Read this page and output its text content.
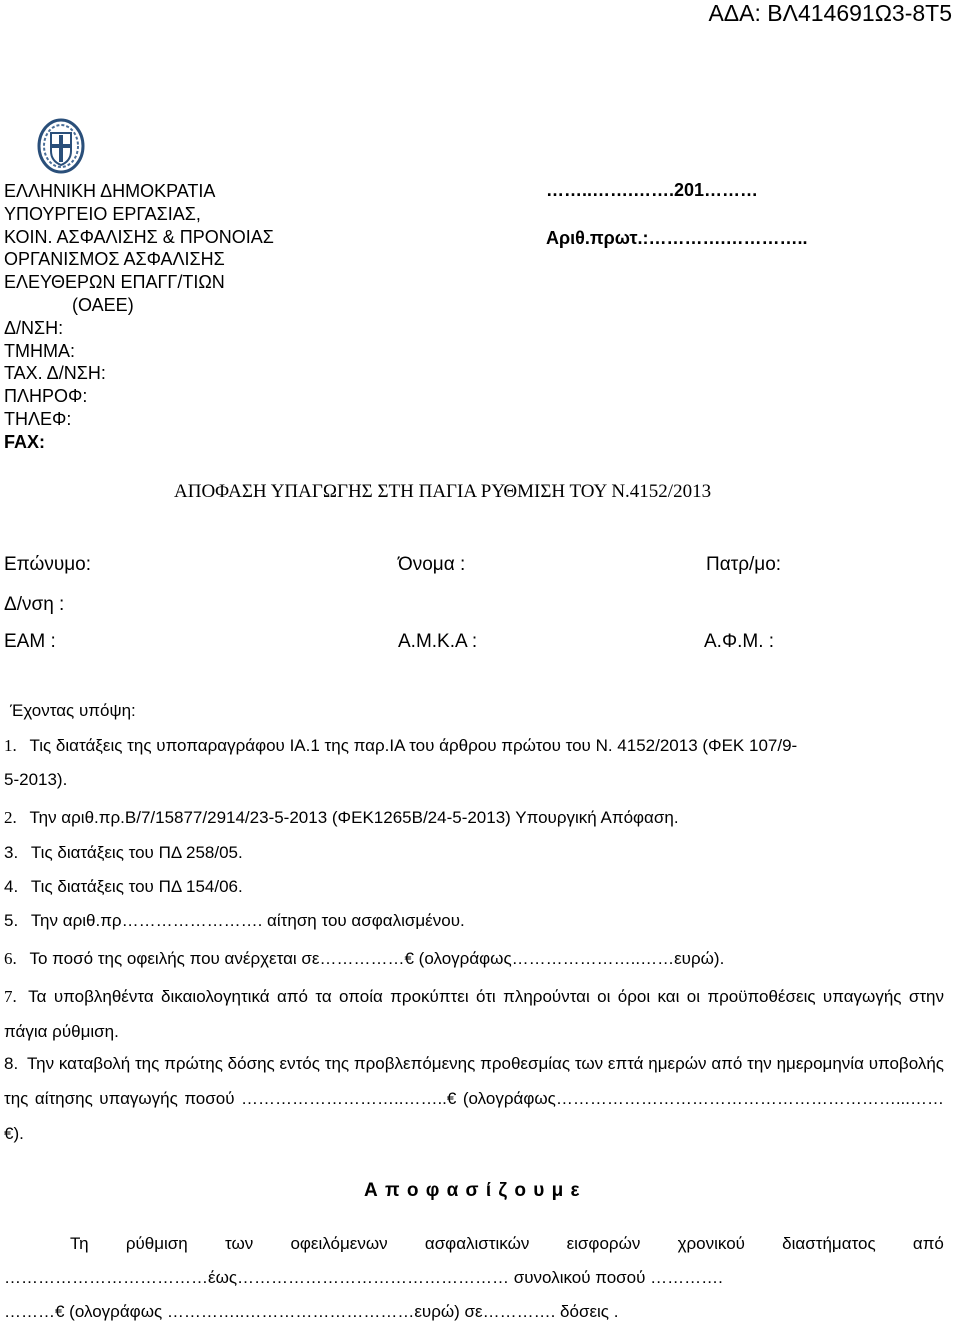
ΑΔΑ: ΒΛ414691Ω3-8Τ5
ΕΛΛΗΝΙΚΗ ΔΗΜΟΚΡΑΤΙΑ
ΥΠΟΥΡΓΕΙΟ ΕΡΓΑΣΙΑΣ,
ΚΟΙΝ. ΑΣΦΑΛΙΣΗΣ & ΠΡΟΝΟΙΑΣ
ΟΡΓΑΝΙΣΜΟΣ ΑΣΦΑΛΙΣΗΣ
ΕΛΕΥΘΕΡΩΝ ΕΠΑΓΓ/ΤΙΩΝ
(ΟΑΕΕ)
Δ/ΝΣΗ:
ΤΜΗΜΑ:
ΤΑΧ. Δ/ΝΣΗ:
ΠΛΗΡΟΦ:
ΤΗΛΕΦ:
FAX:
……..…….…….201………
Αριθ.πρωτ.:………….…………..
ΑΠΟΦΑΣΗ ΥΠΑΓΩΓΗΣ ΣΤΗ ΠΑΓΙΑ ΡΥΘΜΙΣΗ ΤΟΥ Ν.4152/2013
Επώνυμο:	Όνομα :	Πατρ/μο:
Δ/νση :
ΕΑΜ :	Α.Μ.Κ.Α :	Α.Φ.Μ. :
Έχοντας υπόψη:
1. Τις διατάξεις της υποπαραγράφου ΙΑ.1 της παρ.ΙΑ του άρθρου πρώτου του Ν. 4152/2013 (ΦΕΚ 107/9-
5-2013).
2. Την αριθ.πρ.Β/7/15877/2914/23-5-2013 (ΦΕΚ1265Β/24-5-2013) Υπουργική Απόφαση.
3. Τις διατάξεις του ΠΔ 258/05.
4. Τις διατάξεις του ΠΔ 154/06.
5. Την αριθ.πρ……………………. αίτηση του ασφαλισμένου.
6. Το ποσό της οφειλής που ανέρχεται σε……………€ (ολογράφως…………………..……ευρώ).
7. Τα υποβληθέντα δικαιολογητικά από τα οποία προκύπτει ότι πληρούνται οι όροι και οι προϋποθέσεις υπαγωγής στην πάγια ρύθμιση.
8. Την καταβολή της πρώτης δόσης εντός της προβλεπόμενης προθεσμίας των επτά ημερών από την ημερομηνία υποβολής της αίτησης υπαγωγής ποσού ………………………..……..€ (ολογράφως……………………………………………………...……€).
Α π ο φ α σ ί ζ ο υ μ ε
Τη ρύθμιση των οφειλόμενων ασφαλιστικών εισφορών χρονικού διαστήματος από
………………………………έως………………………………………… συνολικού ποσού ………….
………€ (ολογράφως …………..…………………………ευρώ) σε…………. δόσεις .
